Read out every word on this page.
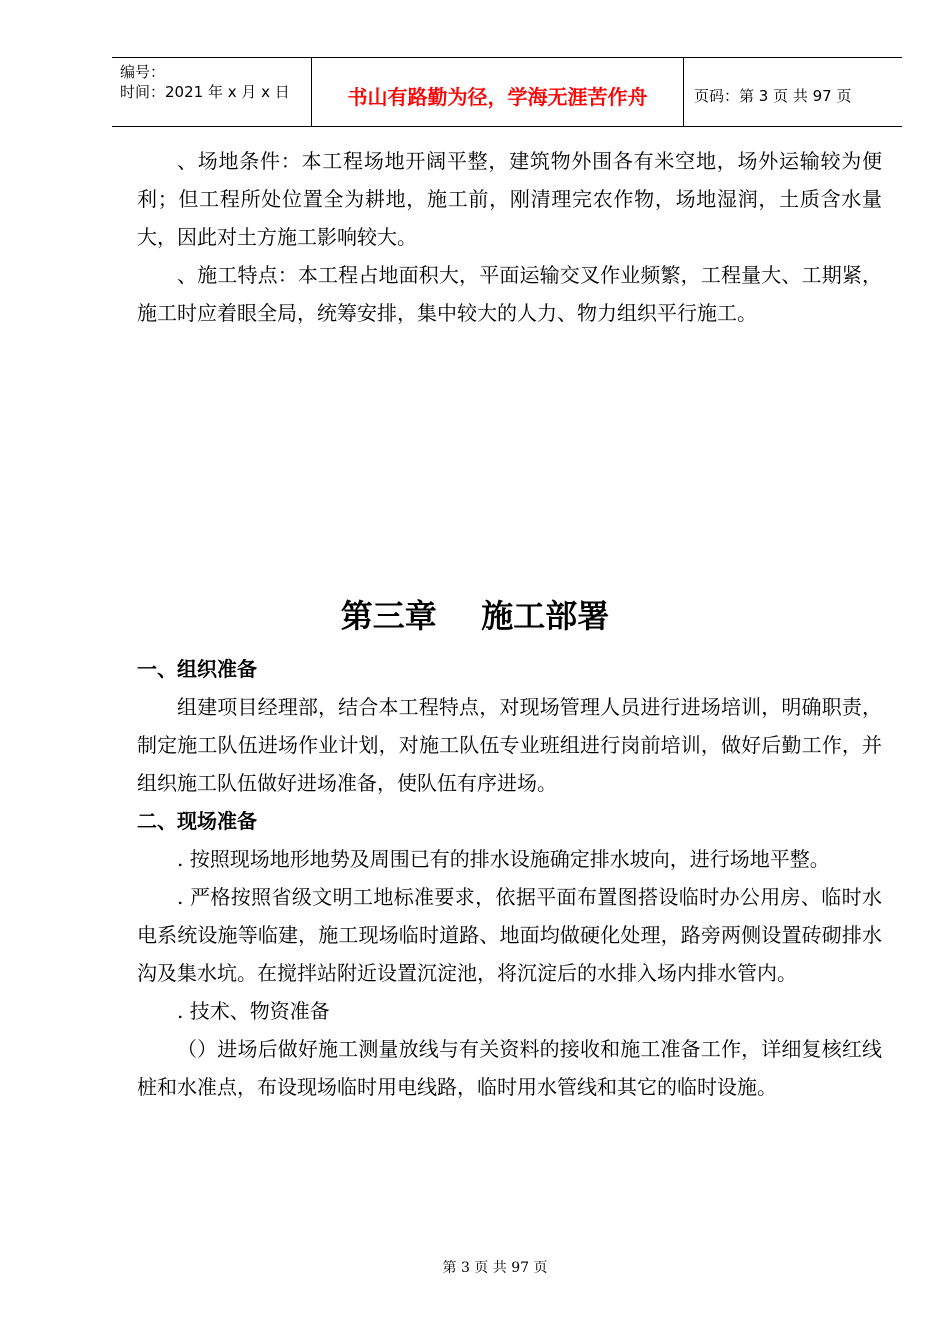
编号：
时间：2021 年 x 月 x 日	书山有路勤为径，学海无涯苦作舟	页码：第 3 页 共 97 页

、场地条件：本工程场地开阔平整，建筑物外围各有米空地，场外运输较为便利；但工程所处位置全为耕地，施工前，刚清理完农作物，场地湿润，土质含水量大，因此对土方施工影响较大。

、施工特点：本工程占地面积大，平面运输交叉作业频繁，工程量大、工期紧，施工时应着眼全局，统筹安排，集中较大的人力、物力组织平行施工。

第三章    施工部署

一、组织准备

组建项目经理部，结合本工程特点，对现场管理人员进行进场培训，明确职责，制定施工队伍进场作业计划，对施工队伍专业班组进行岗前培训，做好后勤工作，并组织施工队伍做好进场准备，使队伍有序进场。

二、现场准备

. 按照现场地形地势及周围已有的排水设施确定排水坡向，进行场地平整。

. 严格按照省级文明工地标准要求，依据平面布置图搭设临时办公用房、临时水电系统设施等临建，施工现场临时道路、地面均做硬化处理，路旁两侧设置砖砌排水沟及集水坑。在搅拌站附近设置沉淀池，将沉淀后的水排入场内排水管内。

. 技术、物资准备

（）进场后做好施工测量放线与有关资料的接收和施工准备工作，详细复核红线桩和水准点，布设现场临时用电线路，临时用水管线和其它的临时设施。

第 3 页 共 97 页
